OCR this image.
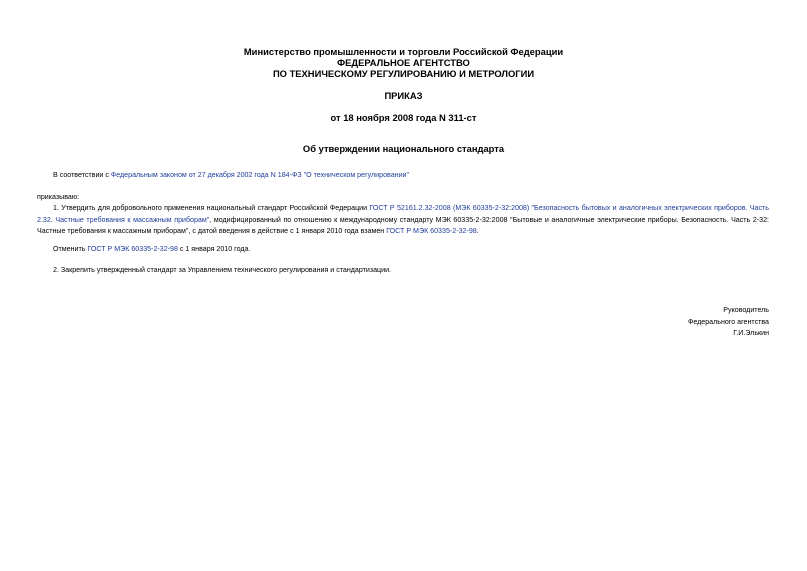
Министерство промышленности и торговли Российской Федерации
ФЕДЕРАЛЬНОЕ АГЕНТСТВО
ПО ТЕХНИЧЕСКОМУ РЕГУЛИРОВАНИЮ И МЕТРОЛОГИИ
ПРИКАЗ
от 18 ноября 2008 года N 311-ст
Об утверждении национального стандарта
В соответствии с Федеральным законом от 27 декабря 2002 года N 184-ФЗ "О техническом регулировании"
приказываю:
1. Утвердить для добровольного применения национальный стандарт Российской Федерации ГОСТ Р 52161.2.32-2008 (МЭК 60335-2-32:2008) "Безопасность бытовых и аналогичных электрических приборов. Часть 2.32. Частные требования к массажным приборам", модифицированный по отношению к международному стандарту МЭК 60335-2-32:2008 "Бытовые и аналогичные электрические приборы. Безопасность. Часть 2-32: Частные требования к массажным приборам", с датой введения в действие с 1 января 2010 года взамен ГОСТ Р МЭК 60335-2-32-98.
Отменить ГОСТ Р МЭК 60335-2-32-98 с 1 января 2010 года.
2. Закрепить утвержденный стандарт за Управлением технического регулирования и стандартизации.
Руководитель
Федерального агентства
Г.И.Элькин
